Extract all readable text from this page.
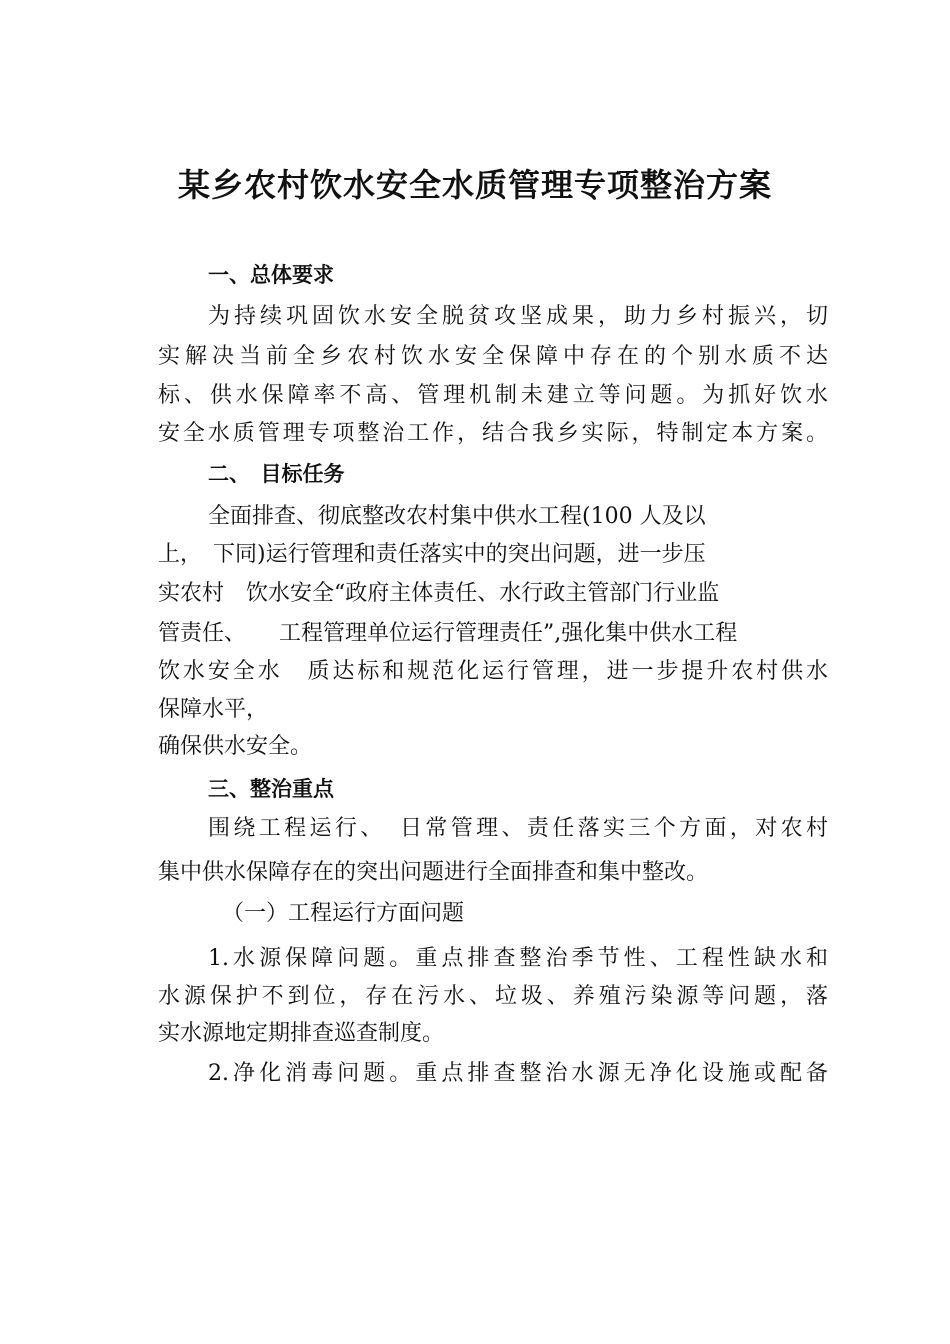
某乡农村饮水安全水质管理专项整治方案
一、总体要求
为持续巩固饮水安全脱贫攻坚成果，助力乡村振兴，切
实解决当前全乡农村饮水安全保障中存在的个别水质不达
标、供水保障率不高、管理机制未建立等问题。为抓好饮水
安全水质管理专项整治工作，结合我乡实际，特制定本方案。
二、　目标任务
全面排查、彻底整改农村集中供水工程(100 人及以
上，　下同)运行管理和责任落实中的突出问题，进一步压
实农村　饮水安全“政府主体责任、水行政主管部门行业监
管责任、　　工程管理单位运行管理责任”,强化集中供水工程
饮水安全水　质达标和规范化运行管理，进一步提升农村供水
保障水平，
确保供水安全。
三、整治重点
围绕工程运行、　日常管理、责任落实三个方面，对农村
集中供水保障存在的突出问题进行全面排查和集中整改。
（一）工程运行方面问题
1.水源保障问题。重点排查整治季节性、工程性缺水和
水源保护不到位，存在污水、垃圾、养殖污染源等问题，落
实水源地定期排查巡查制度。
2.净化消毒问题。重点排查整治水源无净化设施或配备
